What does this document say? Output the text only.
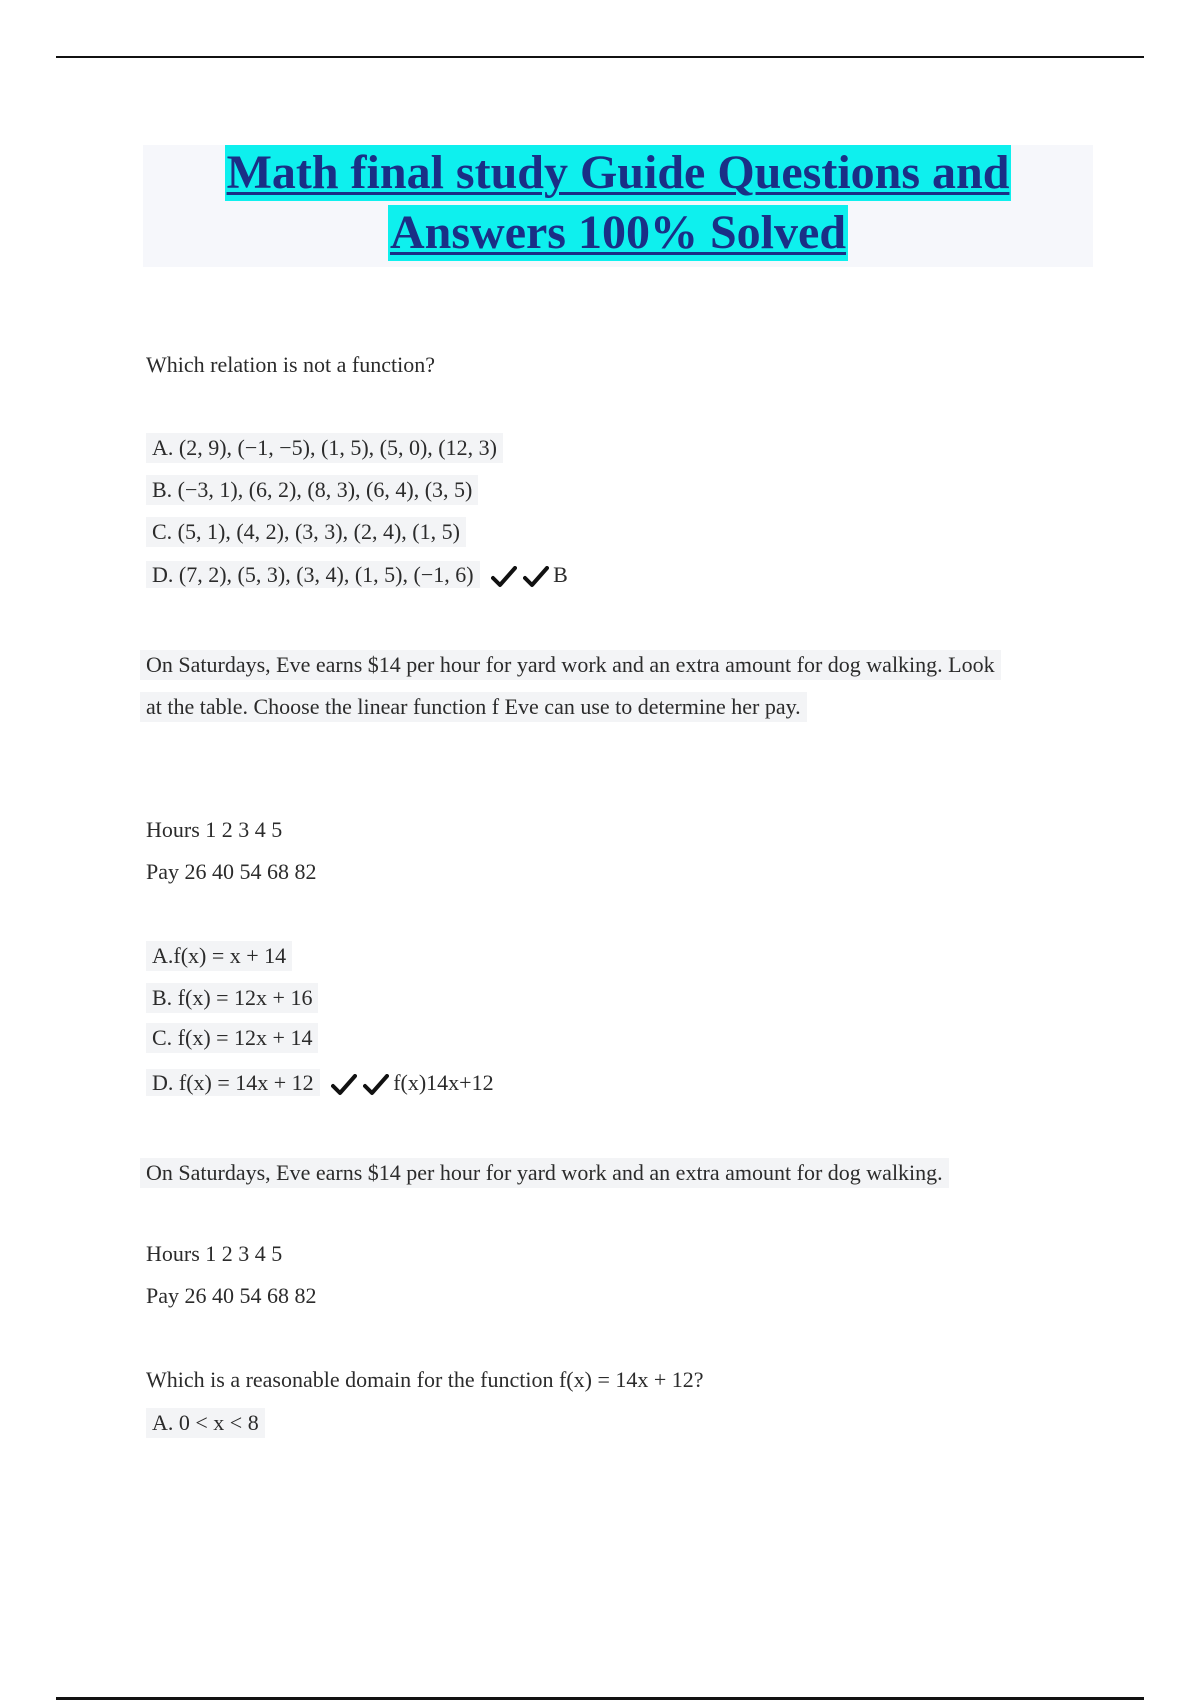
Math final study Guide Questions and
Answers 100% Solved
Which relation is not a function?
A. (2, 9), (−1, −5), (1, 5), (5, 0), (12, 3)
B. (−3, 1), (6, 2), (8, 3), (6, 4), (3, 5)
C. (5, 1), (4, 2), (3, 3), (2, 4), (1, 5)
D. (7, 2), (5, 3), (3, 4), (1, 5), (−1, 6)	B
On Saturdays, Eve earns $14 per hour for yard work and an extra amount for dog walking. Look
at the table. Choose the linear function f Eve can use to determine her pay.
Hours 1 2 3 4 5
Pay 26 40 54 68 82
A.f(x) = x + 14
B. f(x) = 12x + 16
C. f(x) = 12x + 14
D. f(x) = 14x + 12	f(x)14x+12
On Saturdays, Eve earns $14 per hour for yard work and an extra amount for dog walking.
Hours 1 2 3 4 5
Pay 26 40 54 68 82
Which is a reasonable domain for the function f(x) = 14x + 12?
A. 0 < x < 8
